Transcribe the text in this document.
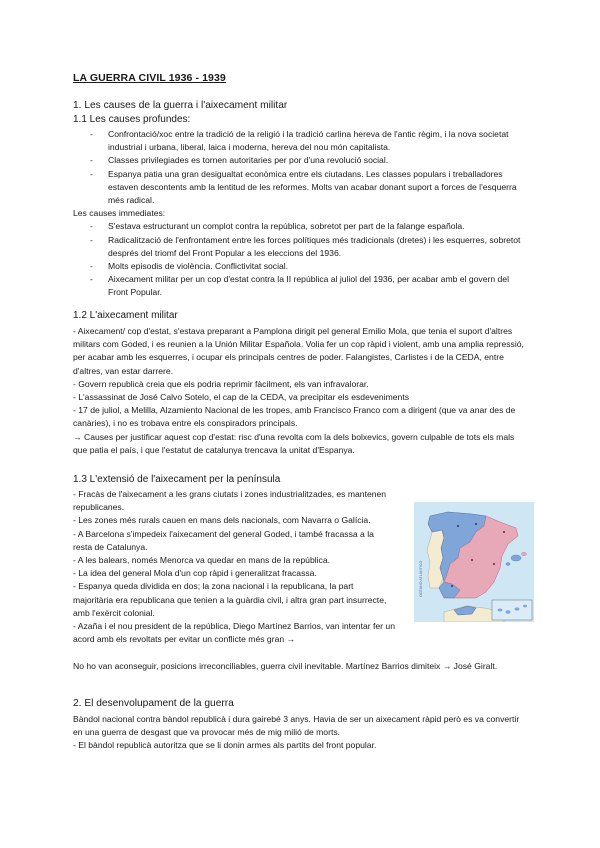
LA GUERRA CIVIL 1936 - 1939
1. Les causes de la guerra i l'aixecament militar
1.1 Les causes profundes:
- Confrontació/xoc entre la tradició de la religió i la tradició carlina hereva de l'antic règim, i la nova societat industrial i urbana, liberal, laica i moderna, hereva del nou món capitalista.
- Classes privilegiades es tornen autoritaries per por d'una revolució social.
- Espanya patia una gran desigualtat econòmica entre els ciutadans. Les classes populars i treballadores estaven descontents amb la lentitud de les reformes. Molts van acabar donant suport a forces de l'esquerra més radical.

Les causes immediates:

- S'estava estructurant un complot contra la república, sobretot per part de la falange española.
- Radicalització de l'enfrontament entre les forces polítiques més tradicionals (dretes) i les esquerres, sobretot després del triomf del Front Popular a les eleccions del 1936.
- Molts episodis de violència. Conflictivitat social.
- Aixecament militar per un cop d'estat contra la II república al juliol del 1936, per acabar amb el govern del Front Popular.
1.2 L'aixecament militar

- Aixecament/ cop d'estat, s'estava preparant a Pamplona dirigit pel general Emilio Mola, que tenia el suport d'altres militars com Goded, i es reunien a la Unión Militar Española. Volia fer un cop ràpid i violent, amb una amplia repressió, per acabar amb les esquerres, i ocupar els principals centres de poder. Falangistes, Carlistes i de la CEDA, entre d'altres, van estar darrere.

- Govern republicà creia que els podria reprimir fàcilment, els van infravalorar.

- L'assassinat de José Calvo Sotelo, el cap de la CEDA, va precipitar els esdeveniments

- 17 de juliol, a Melilla, Alzamiento Nacional de les tropes, amb Francisco Franco com a dirigent (que va anar des de canàries), i no es trobava entre els conspiradors principals.

→ Causes per justificar aquest cop d'estat: risc d'una revolta com la dels bolxevics, govern culpable de tots els mals que patia el país, i que l'estatut de catalunya trencava la unitat d'Espanya.

1.3 L'extensió de l'aixecament per la península

- Fracàs de l'aixecament a les grans ciutats i zones industrialitzades, es mantenen republicanes.

- Les zones més rurals cauen en mans dels nacionals, com Navarra o Galícia.

- A Barcelona s'impedeix l'aixecament del general Goded, i també fracassa a la resta de Catalunya.

- A les balears, només Menorca va quedar en mans de la república.

- La idea del general Mola d'un cop ràpid i generalitzat fracassa.

- Espanya queda dividida en dos; la zona nacional i la republicana, la part majoritària era republicana que tenien a la guàrdia civil, i altra gran part insurrecte, amb l'exèrcit colonial.

- Azaña i el nou president de la república, Diego Martínez Barrios, van intentar fer un acord amb els revoltats per evitar un conflicte més gran →

No ho van aconseguir, posicions irreconciliables, guerra civil inevitable. Martínez Barrios dimiteix → José Giralt.
2. El desenvolupament de la guerra

Bàndol nacional contra bàndol republicà i dura gairebé 3 anys. Havia de ser un aixecament ràpid però es va convertir en una guerra de desgast que va provocar més de mig milió de morts.

- El bàndol republicà autoritza que se li donin armes als partits del front popular.

OCÉANO ATLÁNTICO
